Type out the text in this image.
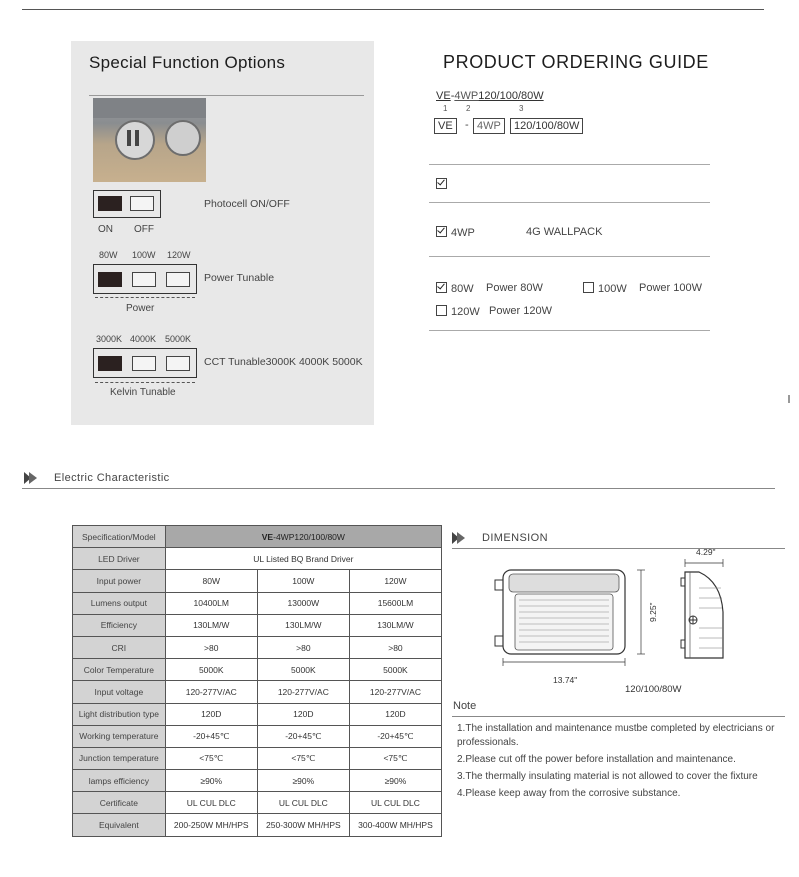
Special Function Options
ON OFF
Photocell ON/OFF
80W 100W 120W
Power
Power Tunable
3000K 4000K 5000K
Kelvin Tunable
CCT Tunable3000K 4000K 5000K
PRODUCT ORDERING GUIDE
VE-4WP120/100/80W
1 2	3
VE	- 4WP	120/100/80W
4WP	4G WALLPACK
80W Power 80W	100W Power 100W
120W Power 120W
Electric Characteristic
Specification/Model	VE-4WP120/100/80W		
LED Driver	UL Listed BQ Brand Driver		
Input power	80W	100W	120W
Lumens output	10400LM	13000W	15600LM
Efficiency	130LM/W	130LM/W	130LM/W
CRI	>80	>80	>80
Color Temperature	5000K	5000K	5000K
Input voltage	120-277V/AC	120-277V/AC	120-277V/AC
Light distribution type	120D	120D	120D
Working temperature	-20+45℃	-20+45℃	-20+45℃
Junction temperature	<75℃	<75℃	<75℃
lamps efficiency	≥90%	≥90%	≥90%
Certificate	UL CUL DLC	UL CUL DLC	UL CUL DLC
Equivalent	200-250W MH/HPS	250-300W MH/HPS	300-400W MH/HPS
DIMENSION
13.74"
9.25"
4.29"
120/100/80W
Note

1.The installation and maintenance mustbe completed by electricians or professionals.

2.Please cut off the power before installation and maintenance.

3.The thermally insulating material is not allowed to cover the fixture

4.Please keep away from the corrosive substance.
